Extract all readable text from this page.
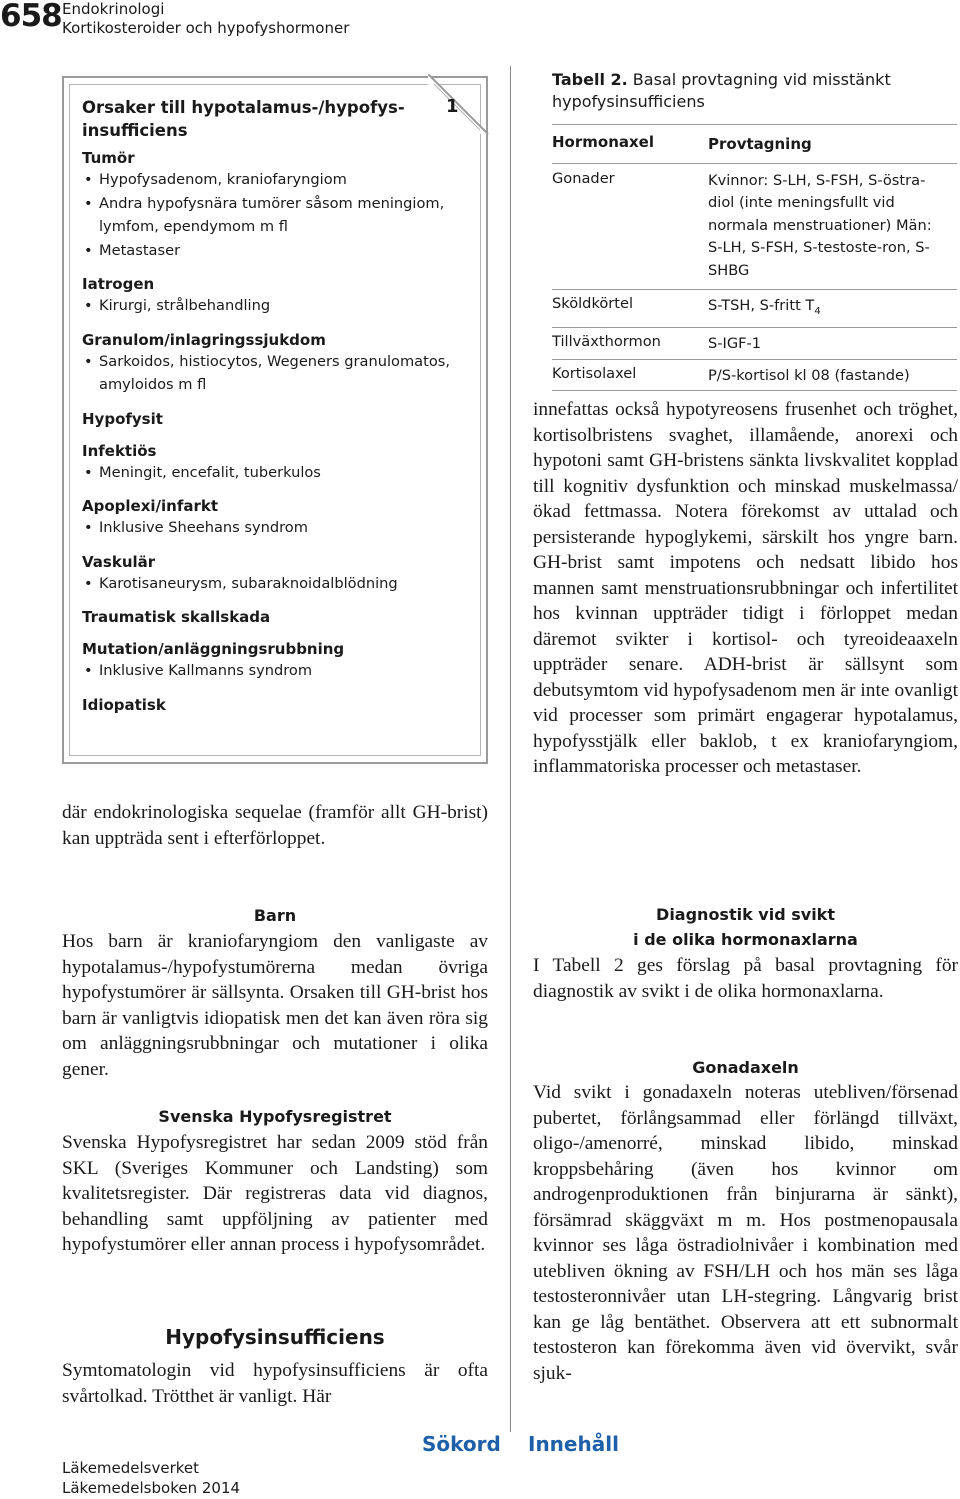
658 Endokrinologi
Kortikosteroider och hypofyshormoner
1
Orsaker till hypotalamus-/hypofys-insufficiens
Tumör
• Hypofysadenom, kraniofaryngiom
• Andra hypofysnära tumörer såsom meningiom, lymfom, ependymom m fl
• Metastaser
Iatrogen
• Kirurgi, strålbehandling
Granulom/inlagringssjukdom
• Sarkoidos, histiocytos, Wegeners granulomatos, amyloidos m fl
Hypofysit
Infektiös
• Meningit, encefalit, tuberkulos
Apoplexi/infarkt
• Inklusive Sheehans syndrom
Vaskulär
• Karotisaneurysm, subaraknoidalblödning
Traumatisk skallskada
Mutation/anläggningsrubbning
• Inklusive Kallmanns syndrom
Idiopatisk
där endokrinologiska sequelae (framför allt GH-brist) kan uppträda sent i efterförloppet.
Barn
Hos barn är kraniofaryngiom den vanligaste av hypotalamus-/hypofystumörerna medan övriga hypofystumörer är sällsynta. Orsaken till GH-brist hos barn är vanligtvis idiopatisk men det kan även röra sig om anläggningsrubbningar och mutationer i olika gener.
Svenska Hypofysregistret
Svenska Hypofysregistret har sedan 2009 stöd från SKL (Sveriges Kommuner och Landsting) som kvalitetsregister. Där registreras data vid diagnos, behandling samt uppföljning av patienter med hypofystumörer eller annan process i hypofysområdet.
Hypofysinsufficiens
Symtomatologin vid hypofysinsufficiens är ofta svårtolkad. Trötthet är vanligt. Här
Tabell 2. Basal provtagning vid misstänkt hypofysinsufficiens
Hormonaxel	Provtagning
Gonader	Kvinnor: S-LH, S-FSH, S-östra-diol (inte meningsfullt vid normala menstruationer) Män: S-LH, S-FSH, S-testoste-ron, S-SHBG
Sköldkörtel	S-TSH, S-fritt $T_4$
Tillväxthormon	S-IGF-1
Kortisolaxel	P/S-kortisol kl 08 (fastande)
innefattas också hypotyreosens frusenhet och tröghet, kortisolbristens svaghet, illamående, anorexi och hypotoni samt GH-bristens sänkta livskvalitet kopplad till kognitiv dysfunktion och minskad muskelmassa/ökad fettmassa. Notera förekomst av uttalad och persisterande hypoglykemi, särskilt hos yngre barn. GH-brist samt impotens och nedsatt libido hos mannen samt menstruationsrubbningar och infertilitet hos kvinnan uppträder tidigt i förloppet medan däremot svikter i kortisol- och tyreoideaaxeln uppträder senare. ADH-brist är sällsynt som debutsymtom vid hypofysadenom men är inte ovanligt vid processer som primärt engagerar hypotalamus, hypofysstjälk eller baklob, t ex kraniofaryngiom, inflammatoriska processer och metastaser.
Diagnostik vid svikt
i de olika hormonaxlarna
I Tabell 2 ges förslag på basal provtagning för diagnostik av svikt i de olika hormonaxlarna.
Gonadaxeln
Vid svikt i gonadaxeln noteras utebliven/försenad pubertet, förlångsammad eller förlängd tillväxt, oligo-/amenorré, minskad libido, minskad kroppsbehåring (även hos kvinnor om androgenproduktionen från binjurarna är sänkt), försämrad skäggväxt m m. Hos postmenopausala kvinnor ses låga östradiolnivåer i kombination med utebliven ökning av FSH/LH och hos män ses låga testosteronnivåer utan LH-stegring. Långvarig brist kan ge låg bentäthet. Observera att ett subnormalt testosteron kan förekomma även vid övervikt, svår sjuk-
Läkemedelsverket
Läkemedelsboken 2014
Sökord Innehåll
